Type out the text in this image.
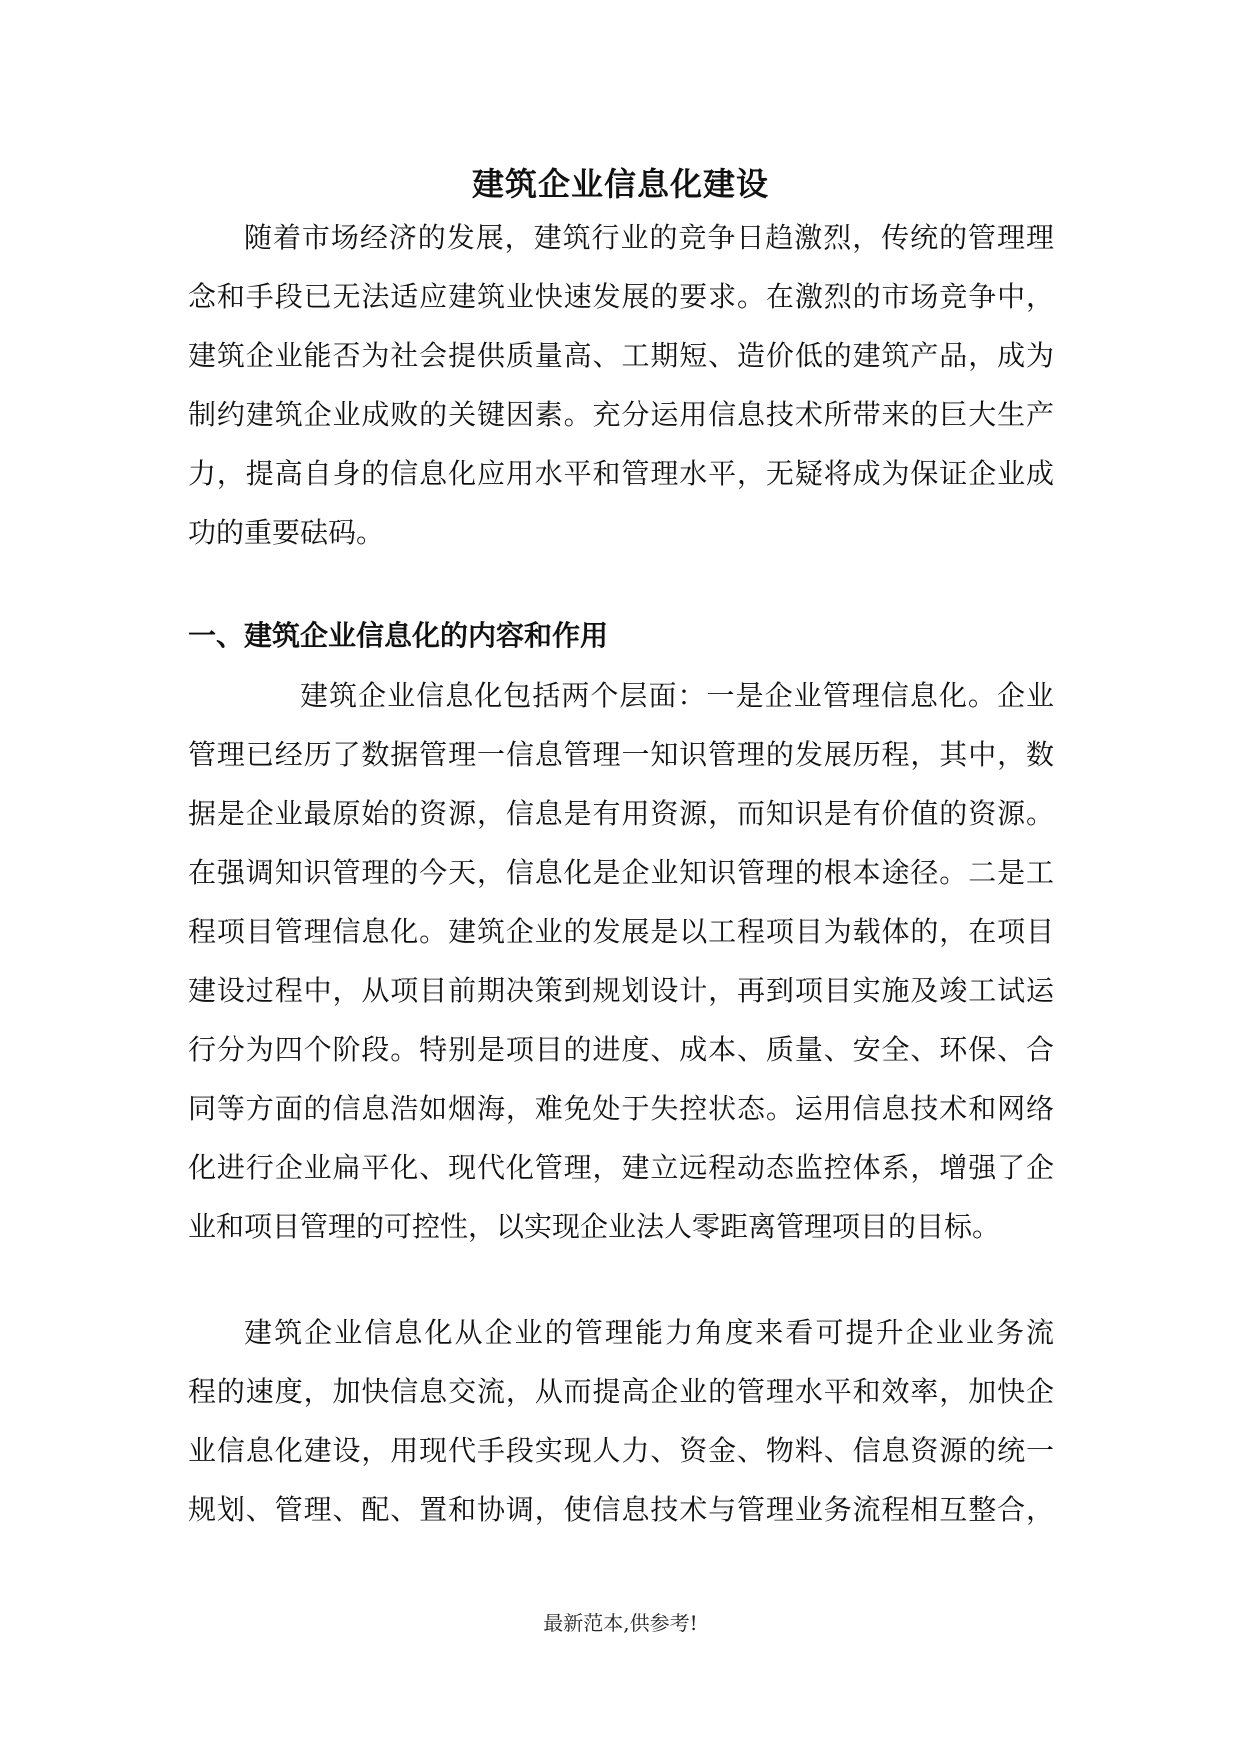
建筑企业信息化建设
随着市场经济的发展，建筑行业的竞争日趋激烈，传统的管理理
念和手段已无法适应建筑业快速发展的要求。在激烈的市场竞争中，
建筑企业能否为社会提供质量高、工期短、造价低的建筑产品，成为
制约建筑企业成败的关键因素。充分运用信息技术所带来的巨大生产
力，提高自身的信息化应用水平和管理水平，无疑将成为保证企业成
功的重要砝码。
一、建筑企业信息化的内容和作用
建筑企业信息化包括两个层面：一是企业管理信息化。企业
管理已经历了数据管理一信息管理一知识管理的发展历程，其中，数
据是企业最原始的资源，信息是有用资源，而知识是有价值的资源。
在强调知识管理的今天，信息化是企业知识管理的根本途径。二是工
程项目管理信息化。建筑企业的发展是以工程项目为载体的，在项目
建设过程中，从项目前期决策到规划设计，再到项目实施及竣工试运
行分为四个阶段。特别是项目的进度、成本、质量、安全、环保、合
同等方面的信息浩如烟海，难免处于失控状态。运用信息技术和网络
化进行企业扁平化、现代化管理，建立远程动态监控体系，增强了企
业和项目管理的可控性，以实现企业法人零距离管理项目的目标。
建筑企业信息化从企业的管理能力角度来看可提升企业业务流
程的速度，加快信息交流，从而提高企业的管理水平和效率，加快企
业信息化建设，用现代手段实现人力、资金、物料、信息资源的统一
规划、管理、配、置和协调，使信息技术与管理业务流程相互整合，
最新范本,供参考!
